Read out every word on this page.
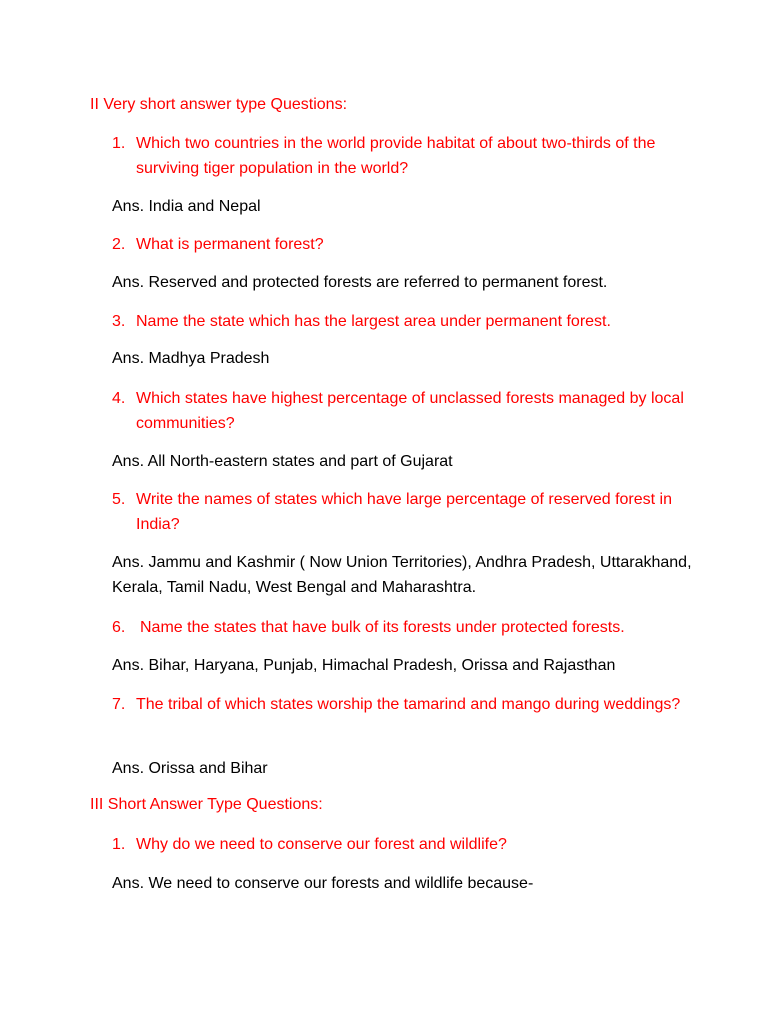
II Very short answer type Questions:
1. Which two countries in the world provide habitat of about two-thirds of the surviving tiger population in the world?
Ans. India and Nepal
2. What is permanent forest?
Ans. Reserved and protected forests are referred to permanent forest.
3. Name the state which has the largest area under permanent forest.
Ans. Madhya Pradesh
4. Which states have highest percentage of unclassed forests managed by local communities?
Ans. All North-eastern states and part of Gujarat
5. Write the names of states which have large percentage of reserved forest in India?
Ans. Jammu and Kashmir ( Now Union Territories), Andhra Pradesh, Uttarakhand, Kerala, Tamil Nadu, West Bengal and Maharashtra.
6. Name the states that have bulk of its forests under protected forests.
Ans. Bihar, Haryana, Punjab, Himachal Pradesh, Orissa and Rajasthan
7. The tribal of which states worship the tamarind and mango during weddings?
Ans. Orissa and Bihar
III Short Answer Type Questions:
1. Why do we need to conserve our forest and wildlife?
Ans. We need to conserve our forests and wildlife because-
